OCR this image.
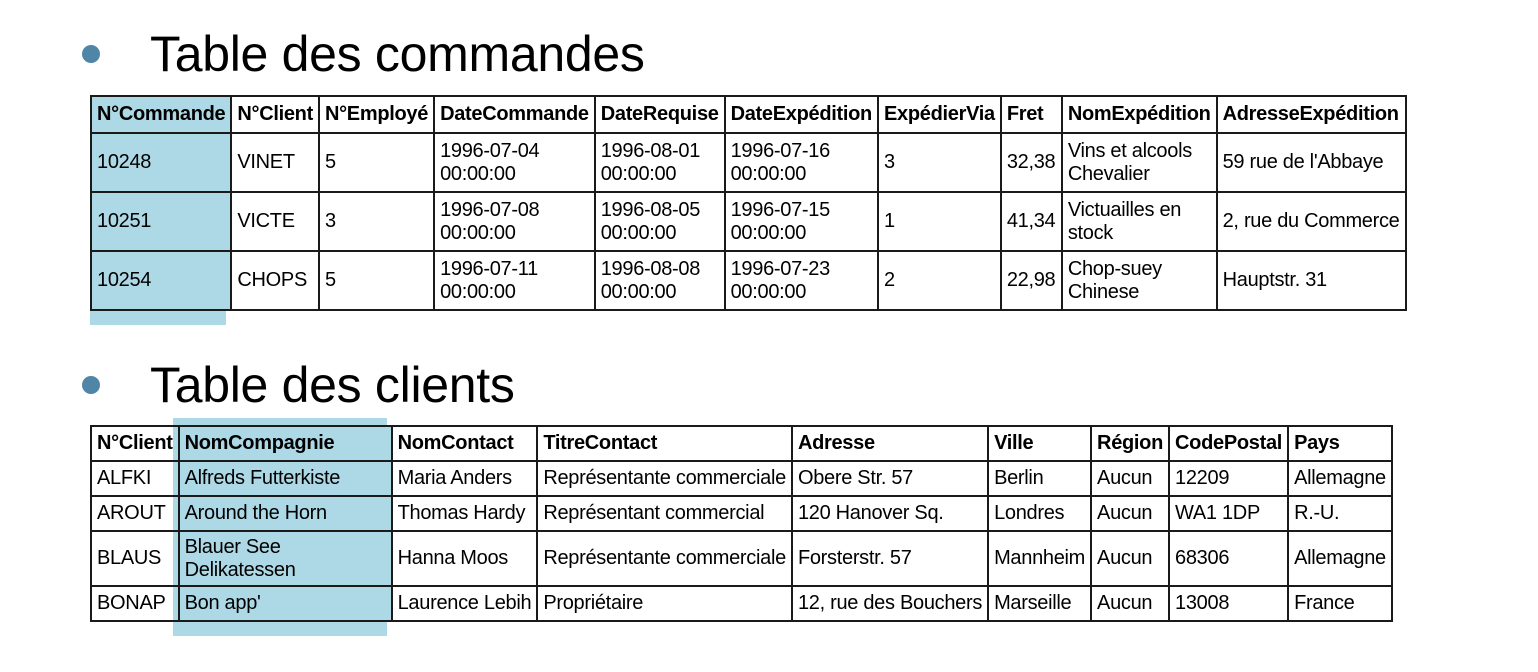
Table des commandes
N°Commande	N°Client	N°Employé	DateCommande	DateRequise	DateExpédition	ExpédierVia	Fret	NomExpédition	AdresseExpédition
10248	VINET	5	1996-07-04 00:00:00	1996-08-01 00:00:00	1996-07-16 00:00:00	3	32,38	Vins et alcools Chevalier	59 rue de l'Abbaye
10251	VICTE	3	1996-07-08 00:00:00	1996-08-05 00:00:00	1996-07-15 00:00:00	1	41,34	Victuailles en stock	2, rue du Commerce
10254	CHOPS	5	1996-07-11 00:00:00	1996-08-08 00:00:00	1996-07-23 00:00:00	2	22,98	Chop-suey Chinese	Hauptstr. 31
Table des clients
N°Client	NomCompagnie	NomContact	TitreContact	Adresse	Ville	Région	CodePostal	Pays
ALFKI	Alfreds Futterkiste	Maria Anders	Représentante commerciale	Obere Str. 57	Berlin	Aucun	12209	Allemagne
AROUT	Around the Horn	Thomas Hardy	Représentant commercial	120 Hanover Sq.	Londres	Aucun	WA1 1DP	R.-U.
BLAUS	Blauer See Delikatessen	Hanna Moos	Représentante commerciale	Forsterstr. 57	Mannheim	Aucun	68306	Allemagne
BONAP	Bon app'	Laurence Lebih	Propriétaire	12, rue des Bouchers	Marseille	Aucun	13008	France
